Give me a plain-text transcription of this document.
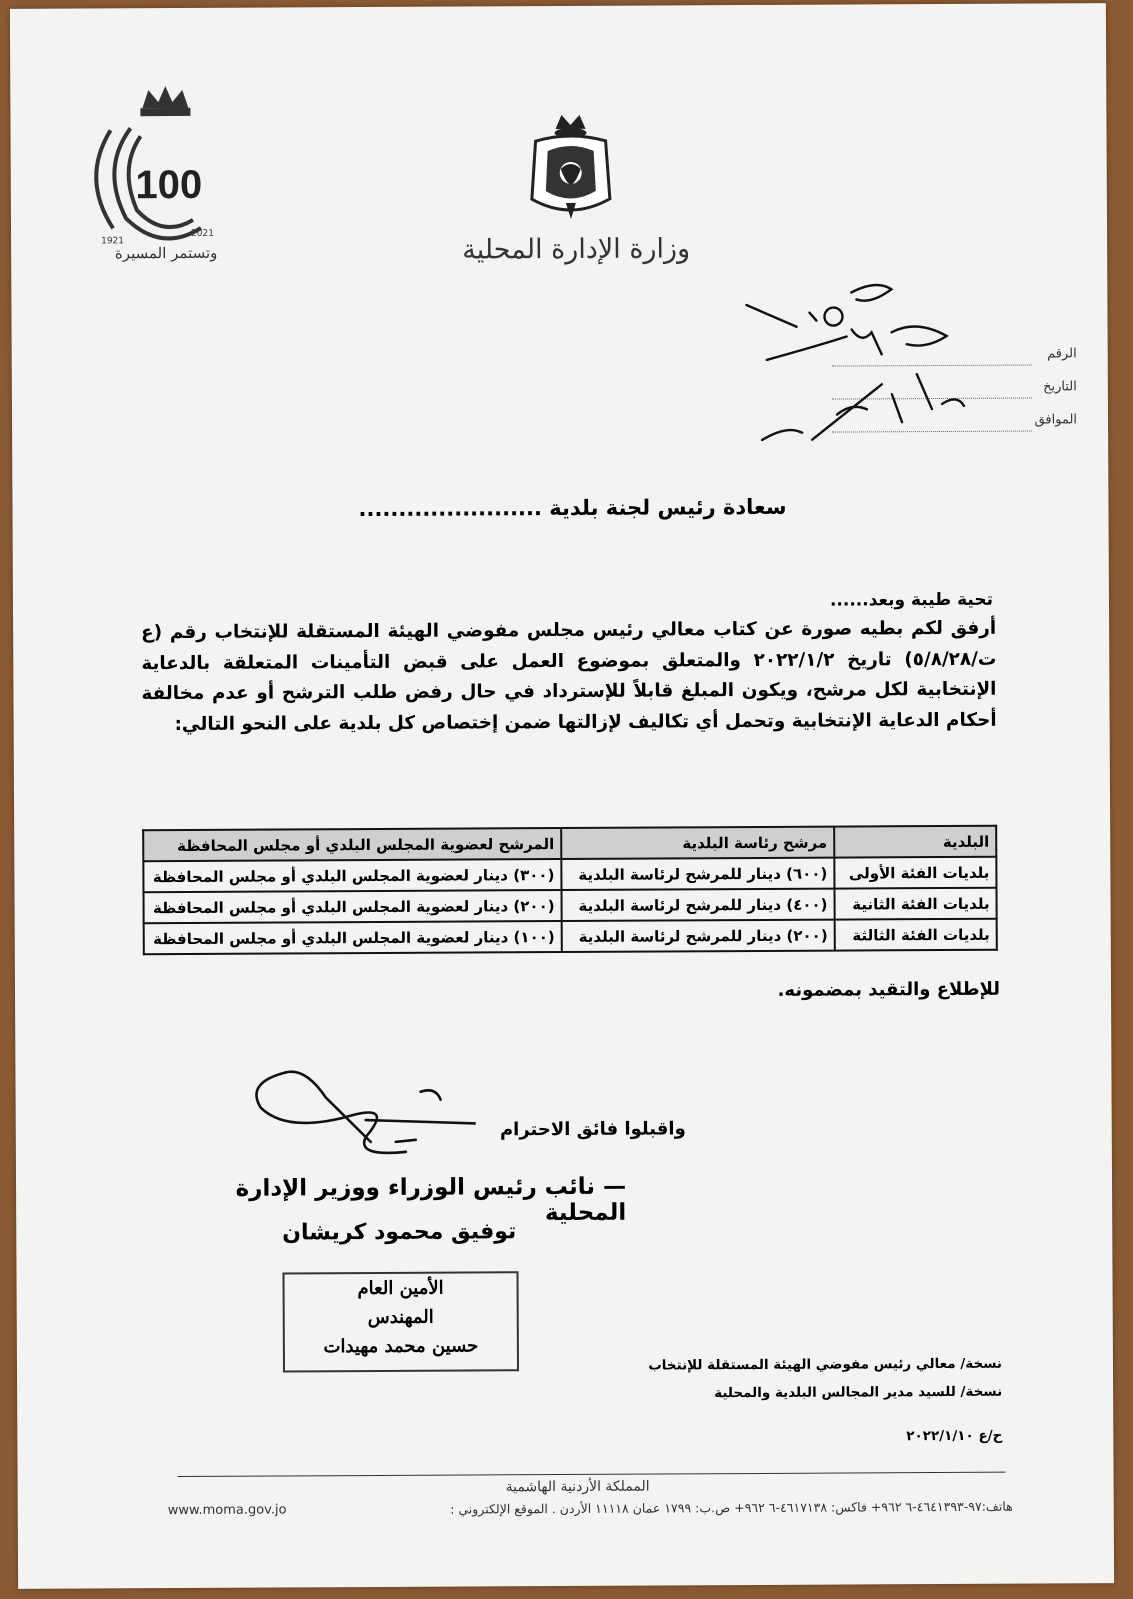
100
1921
2021
وتستمر المسيرة	وزارة الإدارة المحلية
الرقم
التاريخ
الموافق
سعادة رئيس لجنة بلدية .......................
تحية طيبة وبعد......
أرفق لكم بطيه صورة عن كتاب معالي رئيس مجلس مفوضي الهيئة المستقلة للإنتخاب رقم (ع ت/٥/٨/٢٨) تاريخ ٢٠٢٢/١/٢ والمتعلق بموضوع العمل على قبض التأمينات المتعلقة بالدعاية الإنتخابية لكل مرشح، ويكون المبلغ قابلاً للإسترداد في حال رفض طلب الترشح أو عدم مخالفة أحكام الدعاية الإنتخابية وتحمل أي تكاليف لإزالتها ضمن إختصاص كل بلدية على النحو التالي:
البلدية	مرشح رئاسة البلدية	المرشح لعضوية المجلس البلدي أو مجلس المحافظة
بلديات الفئة الأولى	(٦٠٠) دينار للمرشح لرئاسة البلدية	(٣٠٠) دينار لعضوية المجلس البلدي أو مجلس المحافظة
بلديات الفئة الثانية	(٤٠٠) دينار للمرشح لرئاسة البلدية	(٢٠٠) دينار لعضوية المجلس البلدي أو مجلس المحافظة
بلديات الفئة الثالثة	(٢٠٠) دينار للمرشح لرئاسة البلدية	(١٠٠) دينار لعضوية المجلس البلدي أو مجلس المحافظة
للإطلاع والتقيد بمضمونه.
واقبلوا فائق الاحترام
— نائب رئيس الوزراء ووزير الإدارة المحلية
توفيق محمود كريشان
الأمين العام
المهندس
حسين محمد مهيدات
نسخة/ معالي رئيس مفوضي الهيئة المستقلة للإنتخاب
نسخة/ للسيد مدير المجالس البلدية والمحلية
ح/ع ٢٠٢٢/١/١٠
المملكة الأردنية الهاشمية
www.moma.gov.jo	هاتف:٩٧-٤٦٤١٣٩٣-٦ ٩٦٢+ فاكس: ٤٦١٧١٣٨-٦ ٩٦٢+ ص.ب: ١٧٩٩ عمان ١١١١٨ الأردن . الموقع الإلكتروني :
